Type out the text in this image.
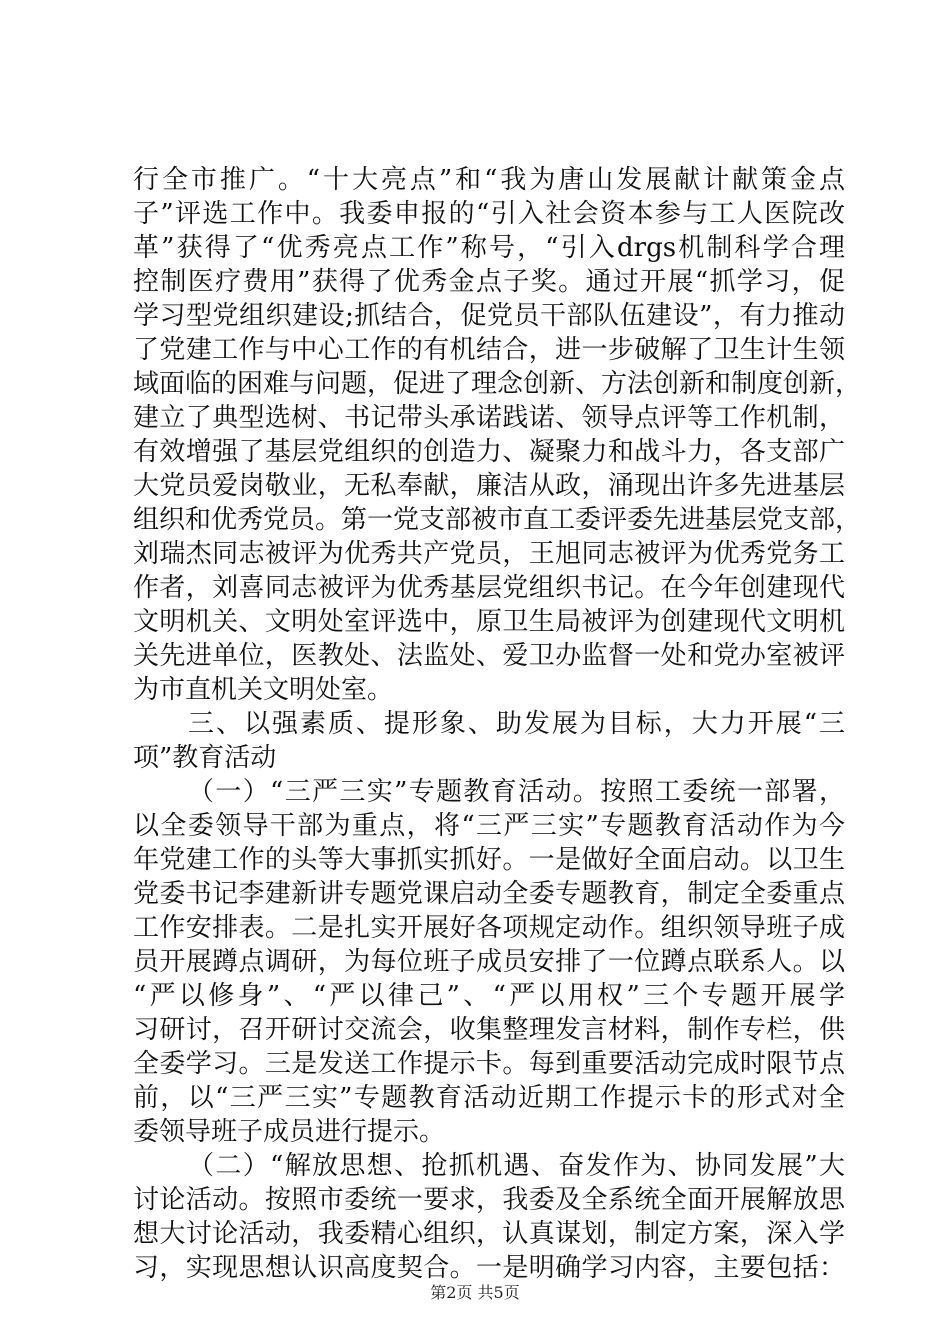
行全市推广。“十大亮点”和“我为唐山发展献计献策金点
子”评选工作中。我委申报的“引入社会资本参与工人医院改
革”获得了“优秀亮点工作”称号，“引入drgs机制科学合理
控制医疗费用”获得了优秀金点子奖。通过开展“抓学习，促
学习型党组织建设;抓结合，促党员干部队伍建设”，有力推动
了党建工作与中心工作的有机结合，进一步破解了卫生计生领
域面临的困难与问题，促进了理念创新、方法创新和制度创新，
建立了典型选树、书记带头承诺践诺、领导点评等工作机制，
有效增强了基层党组织的创造力、凝聚力和战斗力，各支部广
大党员爱岗敬业，无私奉献，廉洁从政，涌现出许多先进基层
组织和优秀党员。第一党支部被市直工委评委先进基层党支部，
刘瑞杰同志被评为优秀共产党员，王旭同志被评为优秀党务工
作者，刘喜同志被评为优秀基层党组织书记。在今年创建现代
文明机关、文明处室评选中，原卫生局被评为创建现代文明机
关先进单位，医教处、法监处、爱卫办监督一处和党办室被评
为市直机关文明处室。
三、以强素质、提形象、助发展为目标，大力开展“三
项”教育活动
（一）“三严三实”专题教育活动。按照工委统一部署，
以全委领导干部为重点，将“三严三实”专题教育活动作为今
年党建工作的头等大事抓实抓好。一是做好全面启动。以卫生
党委书记李建新讲专题党课启动全委专题教育，制定全委重点
工作安排表。二是扎实开展好各项规定动作。组织领导班子成
员开展蹲点调研，为每位班子成员安排了一位蹲点联系人。以
“严以修身”、“严以律己”、“严以用权”三个专题开展学
习研讨，召开研讨交流会，收集整理发言材料，制作专栏，供
全委学习。三是发送工作提示卡。每到重要活动完成时限节点
前，以“三严三实”专题教育活动近期工作提示卡的形式对全
委领导班子成员进行提示。
（二）“解放思想、抢抓机遇、奋发作为、协同发展”大
讨论活动。按照市委统一要求，我委及全系统全面开展解放思
想大讨论活动，我委精心组织，认真谋划，制定方案，深入学
习，实现思想认识高度契合。一是明确学习内容，主要包括：
第2页 共5页
